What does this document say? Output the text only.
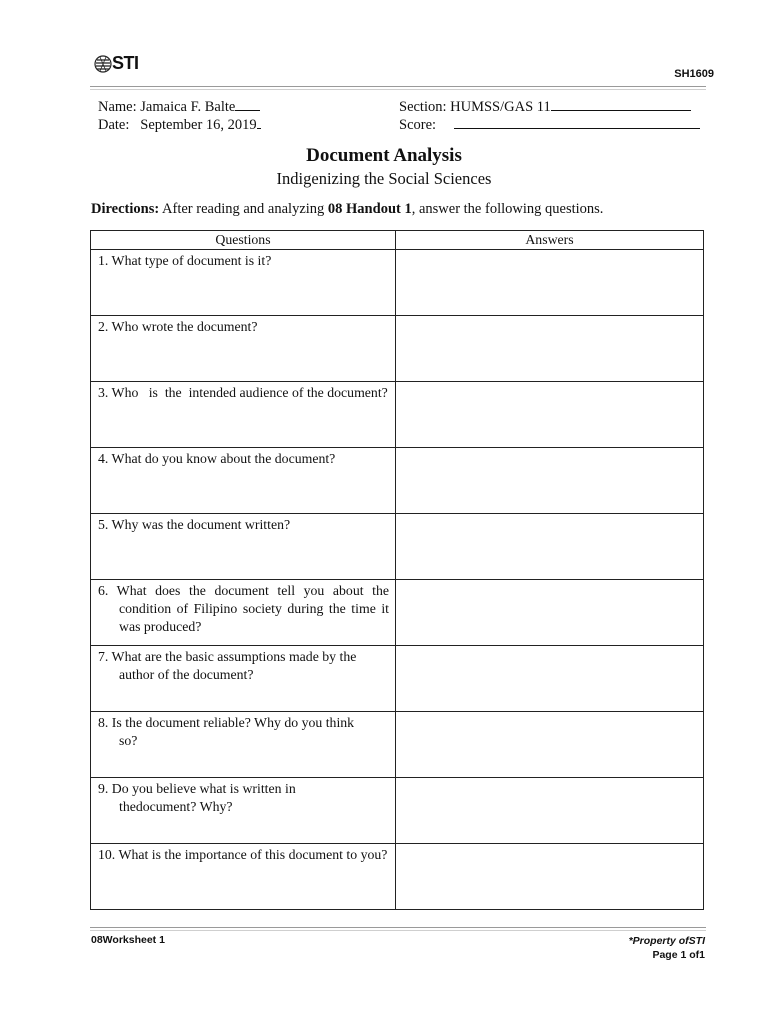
STI
SH1609
Name: Jamaica F. Balte
Date: September 16, 2019
Section: HUMSS/GAS 11
Score:
Document Analysis
Indigenizing the Social Sciences
Directions: After reading and analyzing 08 Handout 1, answer the following questions.
Questions	Answers

1. What type of document is it?	

2. Who wrote the document?	

3. Who   is  the  intended audience of the document?	

4. What do you know about the document?	

5. Why was the document written?	

6. What does the document tell you about the condition of Filipino society during the time it was produced?	

7. What are the basic assumptions made by the author of the document?	

8. Is the document reliable? Why do you think so?	

9. Do you believe what is written in thedocument? Why?	

10. What is the importance of this document to you?	

08Worksheet 1	*Property ofSTI
Page 1 of1
